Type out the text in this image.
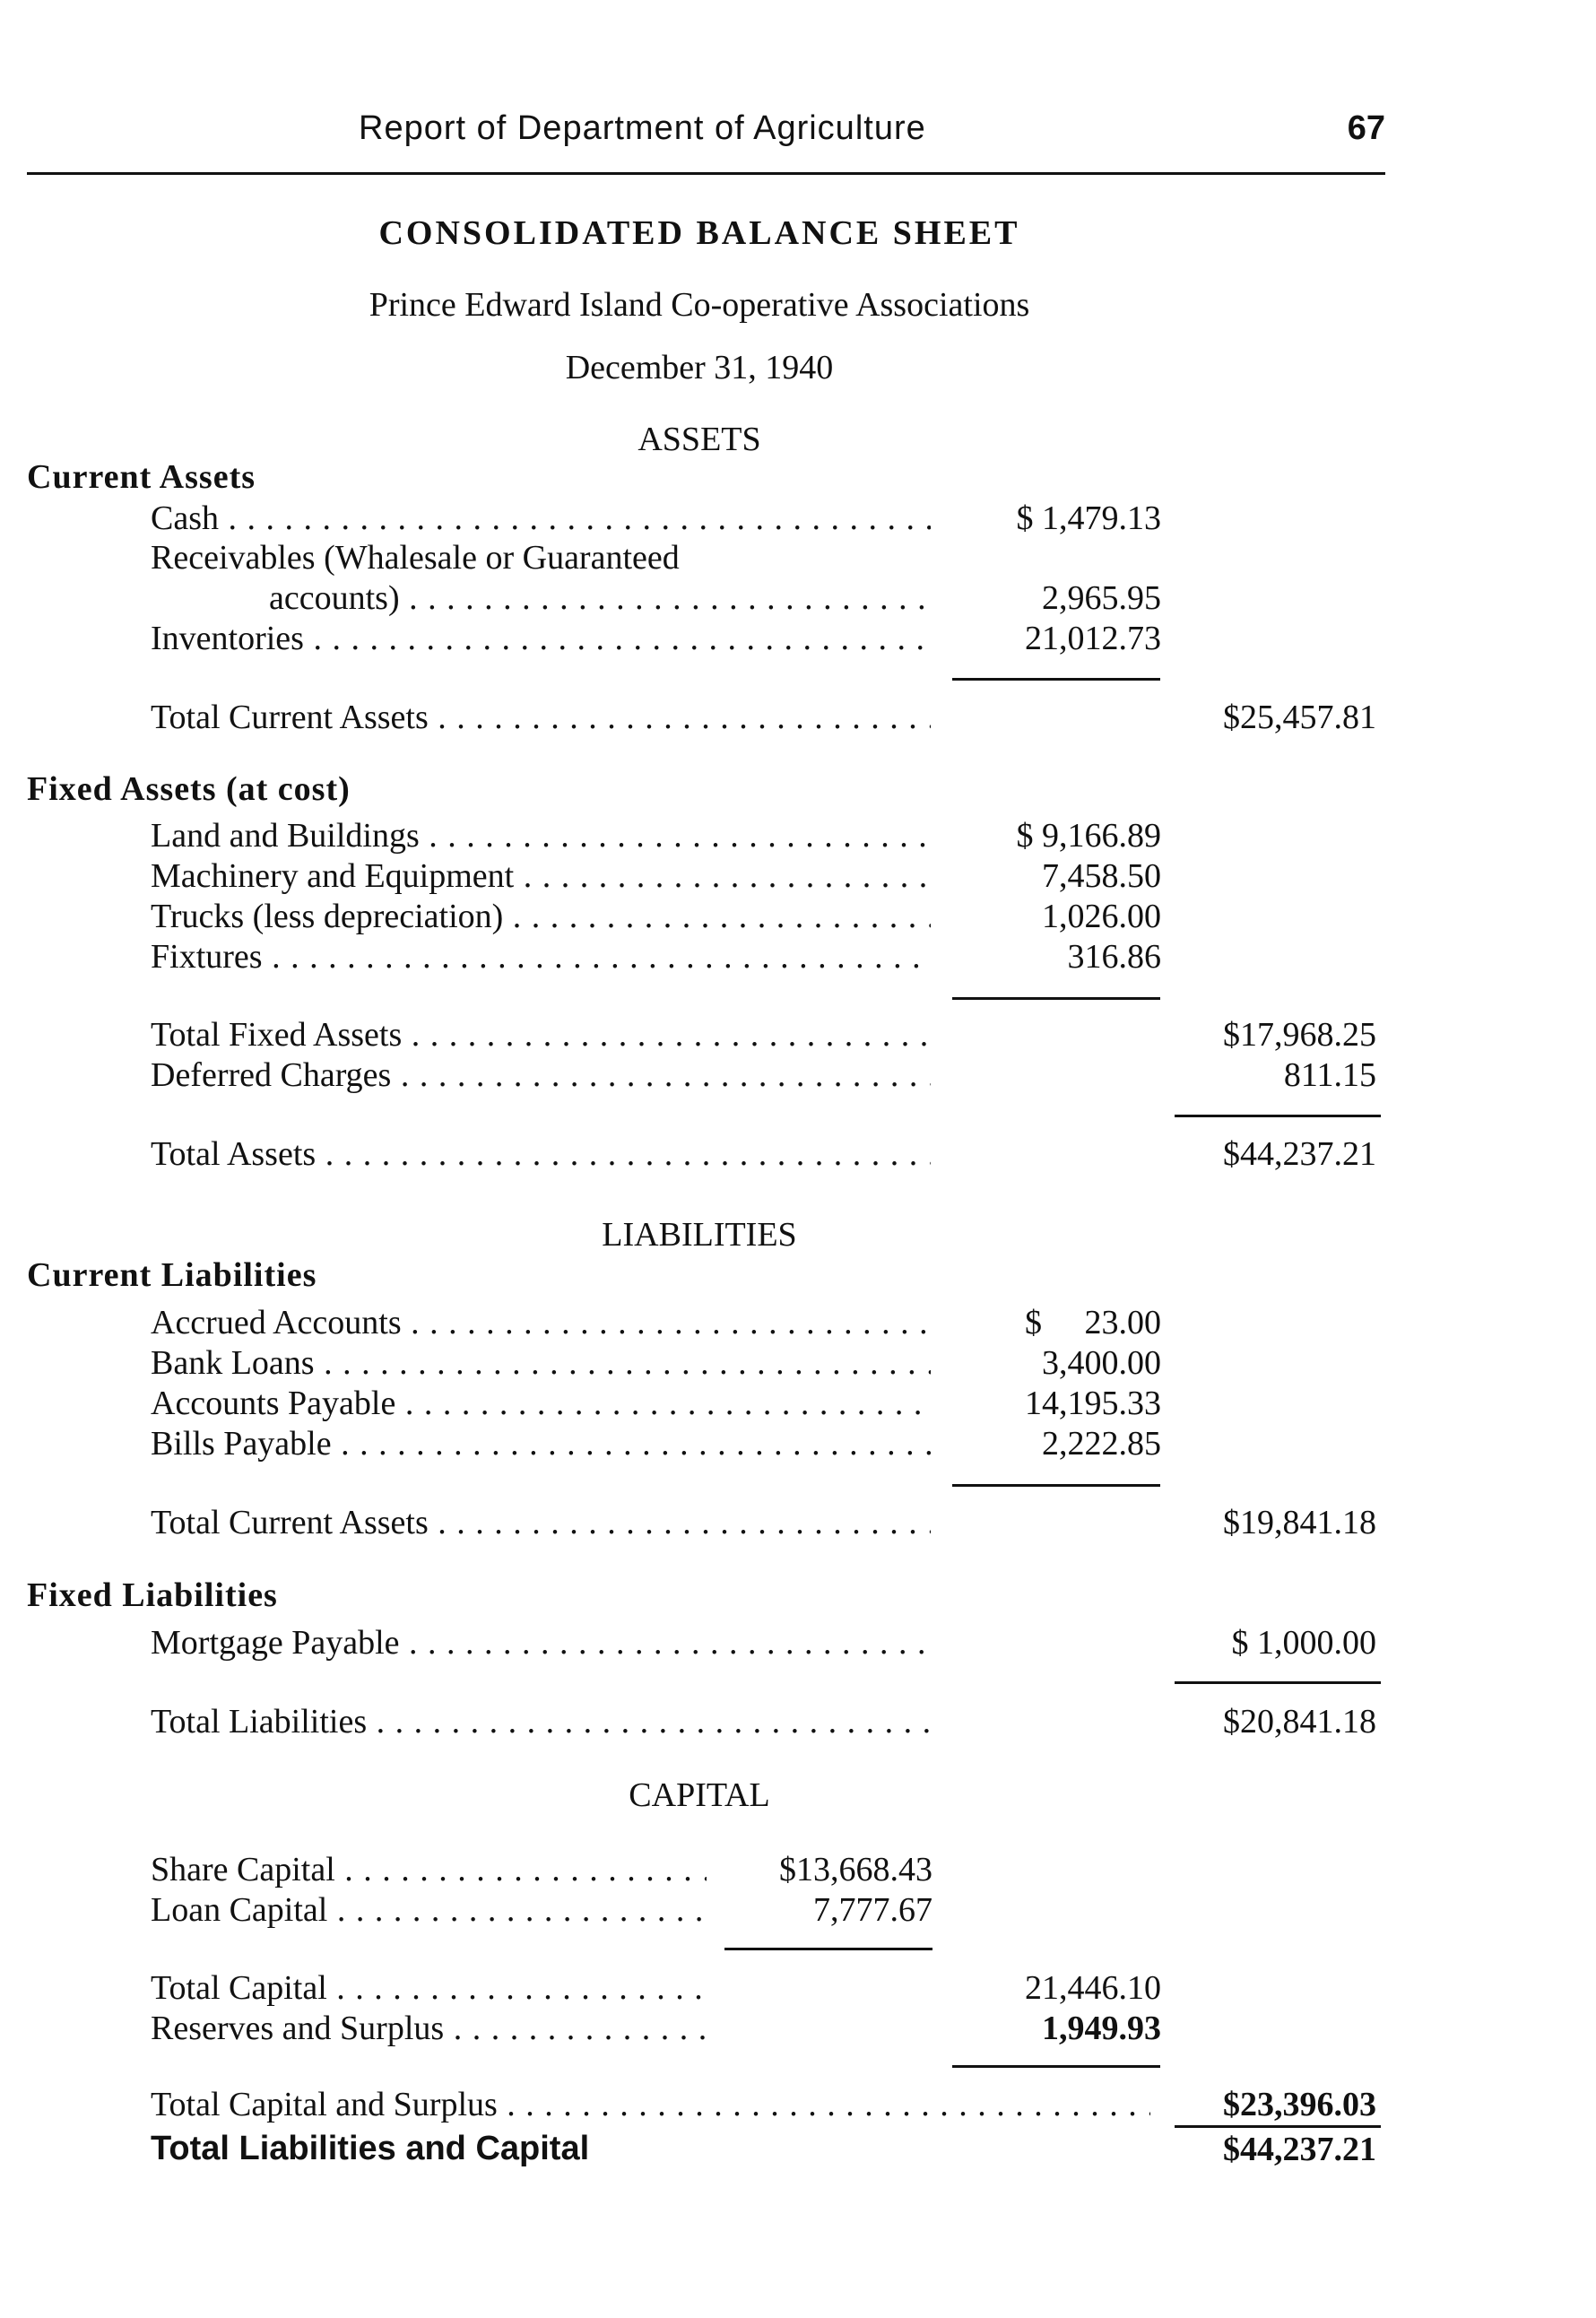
Report of Department of Agriculture	67
CONSOLIDATED BALANCE SHEET
Prince Edward Island Co-operative Associations
December 31, 1940
ASSETS
Current Assets
Cash . . .	$ 1,479.13
Receivables (Whalesale or Guaranteed
accounts) . . .	2,965.95
Inventories . . .	21,012.73
Total Current Assets . . .	$25,457.81
Fixed Assets (at cost)
Land and Buildings . . .	$ 9,166.89
Machinery and Equipment . . .	7,458.50
Trucks (less depreciation) . . .	1,026.00
Fixtures . . .	316.86
Total Fixed Assets . . .	$17,968.25
Deferred Charges . . .	811.15
Total Assets . . .	$44,237.21
LIABILITIES
Current Liabilities
Accrued Accounts . . .	$     23.00
Bank Loans . . .	3,400.00
Accounts Payable . . .	14,195.33
Bills Payable . . .	2,222.85
Total Current Assets . . .	$19,841.18
Fixed Liabilities
Mortgage Payable . . .	$ 1,000.00
Total Liabilities . . .	$20,841.18
CAPITAL
Share Capital . . .	$13,668.43
Loan Capital . . .	7,777.67
Total Capital . . .	21,446.10
Reserves and Surplus . . .	1,949.93
Total Capital and Surplus . . .	$23,396.03
Total Liabilities and Capital	$44,237.21
